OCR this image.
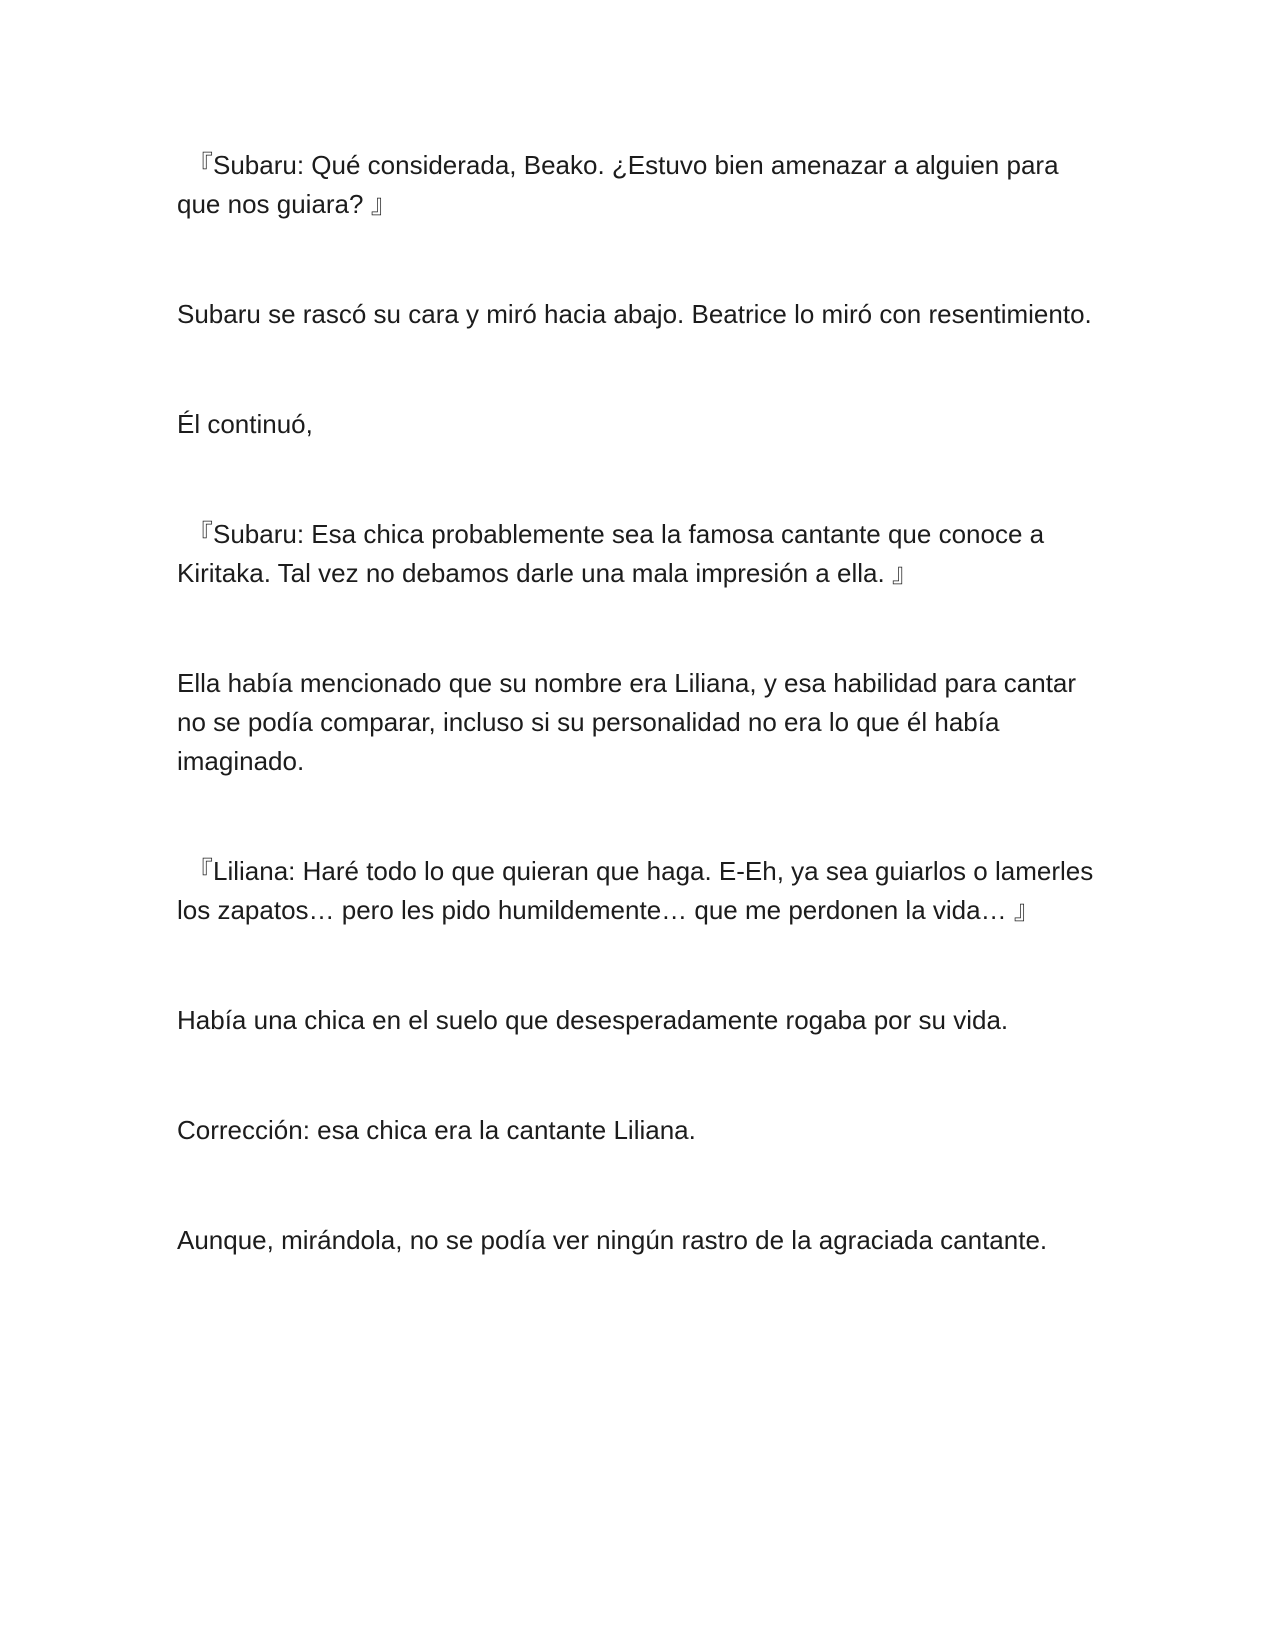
『Subaru: Qué considerada, Beako. ¿Estuvo bien amenazar a alguien para que nos guiara? 』

Subaru se rascó su cara y miró hacia abajo. Beatrice lo miró con resentimiento.

Él continuó,

『Subaru: Esa chica probablemente sea la famosa cantante que conoce a Kiritaka. Tal vez no debamos darle una mala impresión a ella. 』

Ella había mencionado que su nombre era Liliana, y esa habilidad para cantar no se podía comparar, incluso si su personalidad no era lo que él había imaginado.

『Liliana: Haré todo lo que quieran que haga. E-Eh, ya sea guiarlos o lamerles los zapatos… pero les pido humildemente… que me perdonen la vida… 』

Había una chica en el suelo que desesperadamente rogaba por su vida.

Corrección: esa chica era la cantante Liliana.

Aunque, mirándola, no se podía ver ningún rastro de la agraciada cantante.
